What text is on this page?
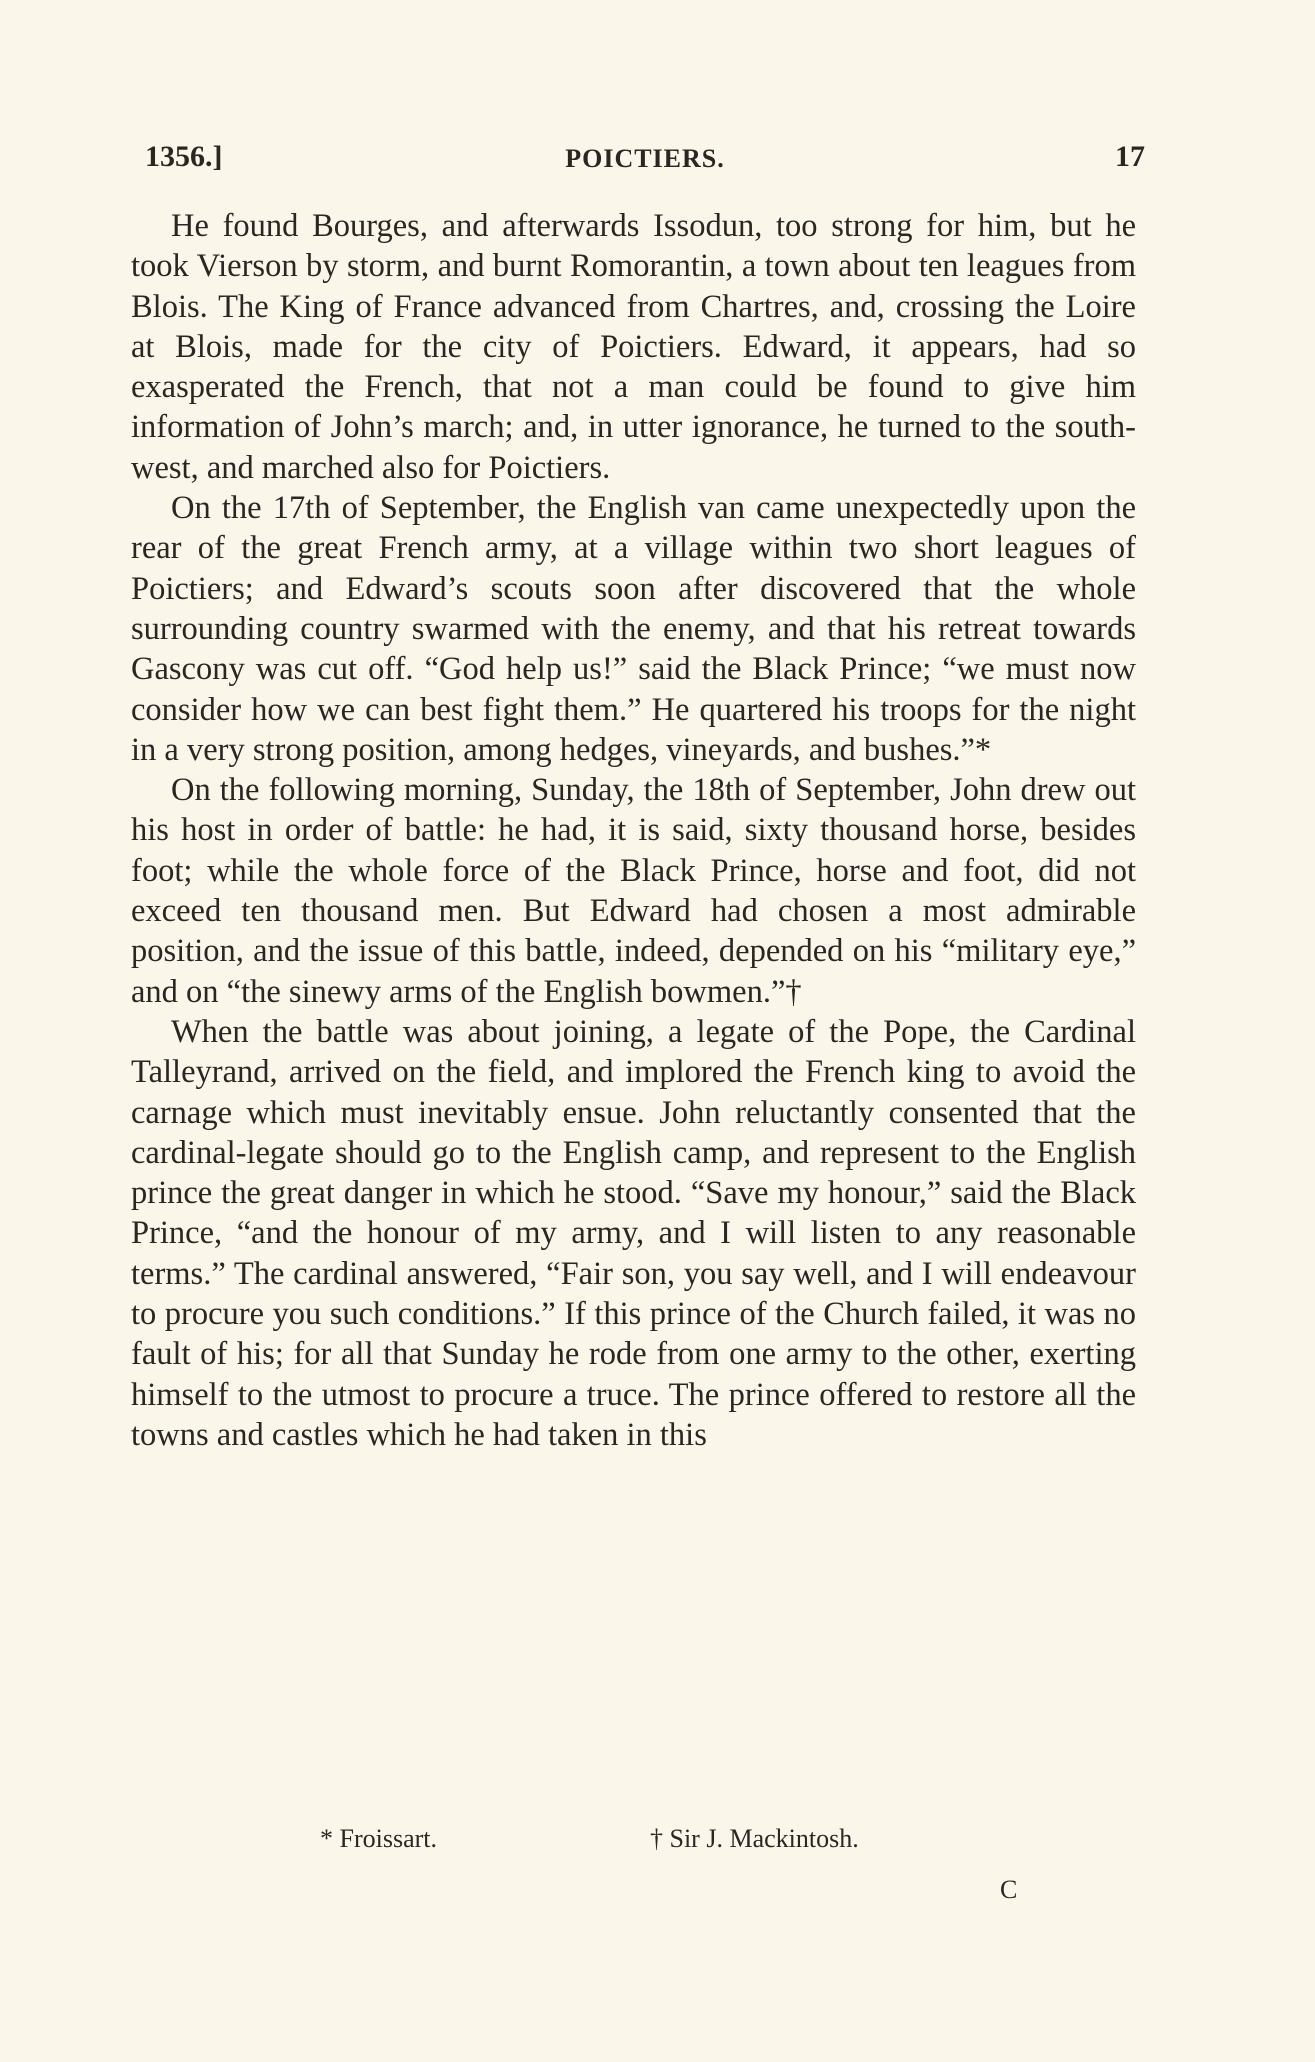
1356.]	POICTIERS.	17

He found Bourges, and afterwards Issodun, too strong for him, but he took Vierson by storm, and burnt Romorantin, a town about ten leagues from Blois. The King of France advanced from Chartres, and, crossing the Loire at Blois, made for the city of Poictiers. Edward, it appears, had so exasperated the French, that not a man could be found to give him information of John’s march; and, in utter ignorance, he turned to the south-west, and marched also for Poictiers.

On the 17th of September, the English van came unexpectedly upon the rear of the great French army, at a village within two short leagues of Poictiers; and Edward’s scouts soon after discovered that the whole surrounding country swarmed with the enemy, and that his retreat towards Gascony was cut off. “God help us!” said the Black Prince; “we must now consider how we can best fight them.” He quartered his troops for the night in a very strong position, among hedges, vineyards, and bushes.”*

On the following morning, Sunday, the 18th of September, John drew out his host in order of battle: he had, it is said, sixty thousand horse, besides foot; while the whole force of the Black Prince, horse and foot, did not exceed ten thousand men. But Edward had chosen a most admirable position, and the issue of this battle, indeed, depended on his “military eye,” and on “the sinewy arms of the English bowmen.”†

When the battle was about joining, a legate of the Pope, the Cardinal Talleyrand, arrived on the field, and implored the French king to avoid the carnage which must inevitably ensue. John reluctantly consented that the cardinal-legate should go to the English camp, and represent to the English prince the great danger in which he stood. “Save my honour,” said the Black Prince, “and the honour of my army, and I will listen to any reasonable terms.” The cardinal answered, “Fair son, you say well, and I will endeavour to procure you such conditions.” If this prince of the Church failed, it was no fault of his; for all that Sunday he rode from one army to the other, exerting himself to the utmost to procure a truce. The prince offered to restore all the towns and castles which he had taken in this

* Froissart.	† Sir J. Mackintosh.
C
